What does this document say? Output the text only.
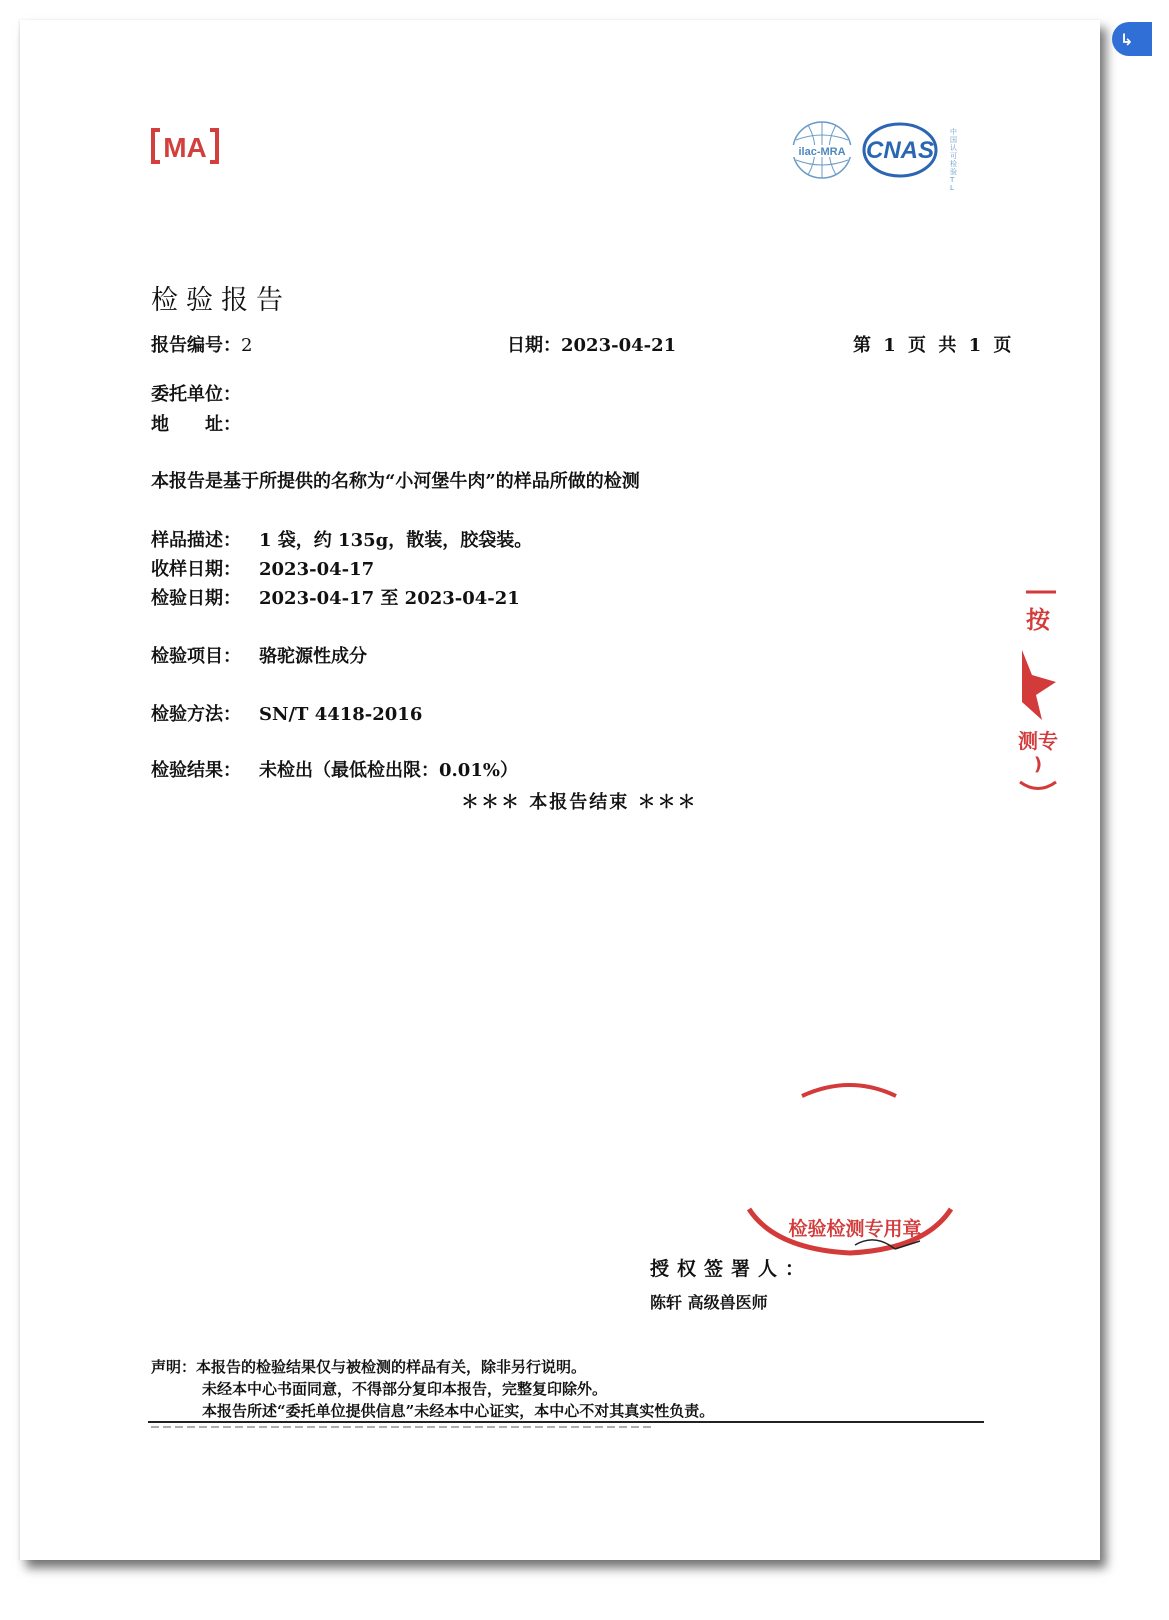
↳
MA	ilac-MRA CNAS
中 国 认 可 检 验 T L
检验报告
报告编号：2	日期：2023-04-21	第 1 页 共 1 页
委托单位：
地　　址：
本报告是基于所提供的名称为“小河堡牛肉”的样品所做的检测
样品描述： 1 袋，约 135g，散装，胶袋装。
收样日期： 2023-04-17
检验日期： 2023-04-17 至 2023-04-21
检验项目： 骆驼源性成分
检验方法： SN/T 4418-2016
检验结果： 未检出（最低检出限：0.01%）
＊＊＊ 本报告结束 ＊＊＊
按
测专
)
检验检测专用章
授权签署人：
陈轩 高级兽医师
声明：本报告的检验结果仅与被检测的样品有关，除非另行说明。
未经本中心书面同意，不得部分复印本报告，完整复印除外。
本报告所述“委托单位提供信息”未经本中心证实，本中心不对其真实性负责。
